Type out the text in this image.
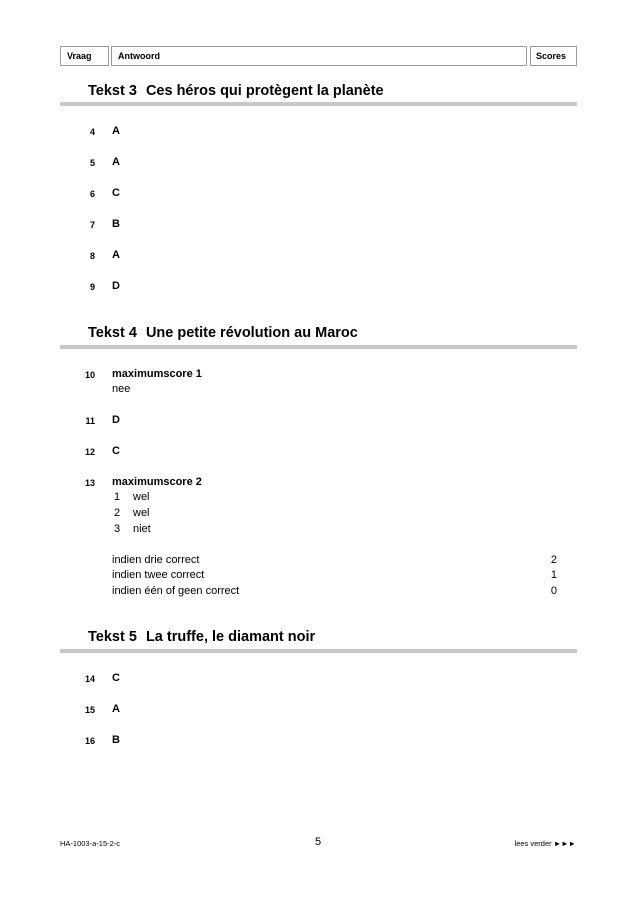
Vraag	Antwoord	Scores
Tekst 3 Ces héros qui protègent la planète
4 A
5 A
6 C
7 B
8 A
9 D
Tekst 4 Une petite révolution au Maroc
10 maximumscore 1
nee
11 D
12 C
13 maximumscore 2
1 wel
2 wel
3 niet
indien drie correct	2
indien twee correct	1
indien één of geen correct	0
Tekst 5 La truffe, le diamant noir
14 C
15 A
16 B
HA-1003-a-15-2-c	5	lees verder ►►►
